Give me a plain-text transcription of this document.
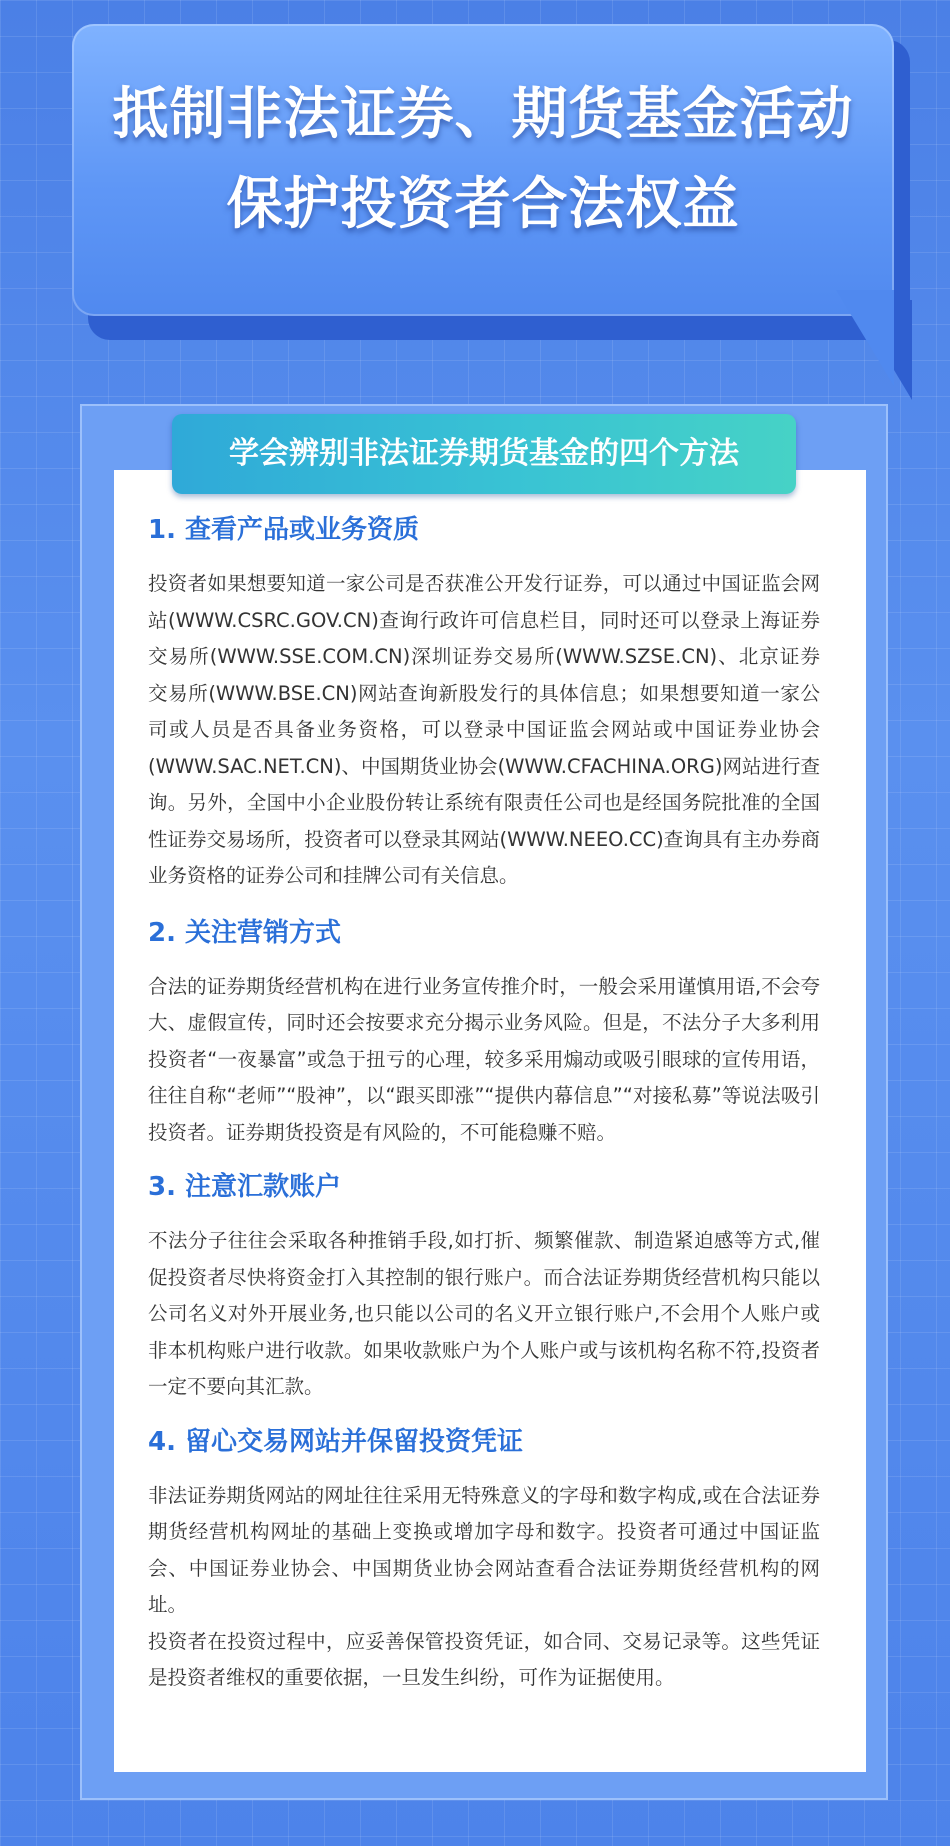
抵制非法证券、期货基金活动
保护投资者合法权益
学会辨别非法证券期货基金的四个方法
1. 查看产品或业务资质

投资者如果想要知道一家公司是否获准公开发行证券，可以通过中国证监会网站(WWW.CSRC.GOV.CN)查询行政许可信息栏目，同时还可以登录上海证券交易所(WWW.SSE.COM.CN)深圳证券交易所(WWW.SZSE.CN)、北京证券交易所(WWW.BSE.CN)网站查询新股发行的具体信息；如果想要知道一家公司或人员是否具备业务资格，可以登录中国证监会网站或中国证券业协会(WWW.SAC.NET.CN)、中国期货业协会(WWW.CFACHINA.ORG)网站进行查询。另外，全国中小企业股份转让系统有限责任公司也是经国务院批准的全国性证券交易场所，投资者可以登录其网站(WWW.NEEO.CC)查询具有主办券商业务资格的证券公司和挂牌公司有关信息。

2. 关注营销方式

合法的证券期货经营机构在进行业务宣传推介时，一般会采用谨慎用语,不会夸大、虚假宣传，同时还会按要求充分揭示业务风险。但是，不法分子大多利用投资者“一夜暴富”或急于扭亏的心理，较多采用煽动或吸引眼球的宣传用语，往往自称“老师”“股神”，以“跟买即涨”“提供内幕信息”“对接私募”等说法吸引投资者。证券期货投资是有风险的，不可能稳赚不赔。

3. 注意汇款账户

不法分子往往会采取各种推销手段,如打折、频繁催款、制造紧迫感等方式,催促投资者尽快将资金打入其控制的银行账户。而合法证券期货经营机构只能以公司名义对外开展业务,也只能以公司的名义开立银行账户,不会用个人账户或非本机构账户进行收款。如果收款账户为个人账户或与该机构名称不符,投资者一定不要向其汇款。

4. 留心交易网站并保留投资凭证

非法证券期货网站的网址往往采用无特殊意义的字母和数字构成,或在合法证券期货经营机构网址的基础上变换或增加字母和数字。投资者可通过中国证监会、中国证券业协会、中国期货业协会网站查看合法证券期货经营机构的网址。

投资者在投资过程中，应妥善保管投资凭证，如合同、交易记录等。这些凭证是投资者维权的重要依据，一旦发生纠纷，可作为证据使用。
